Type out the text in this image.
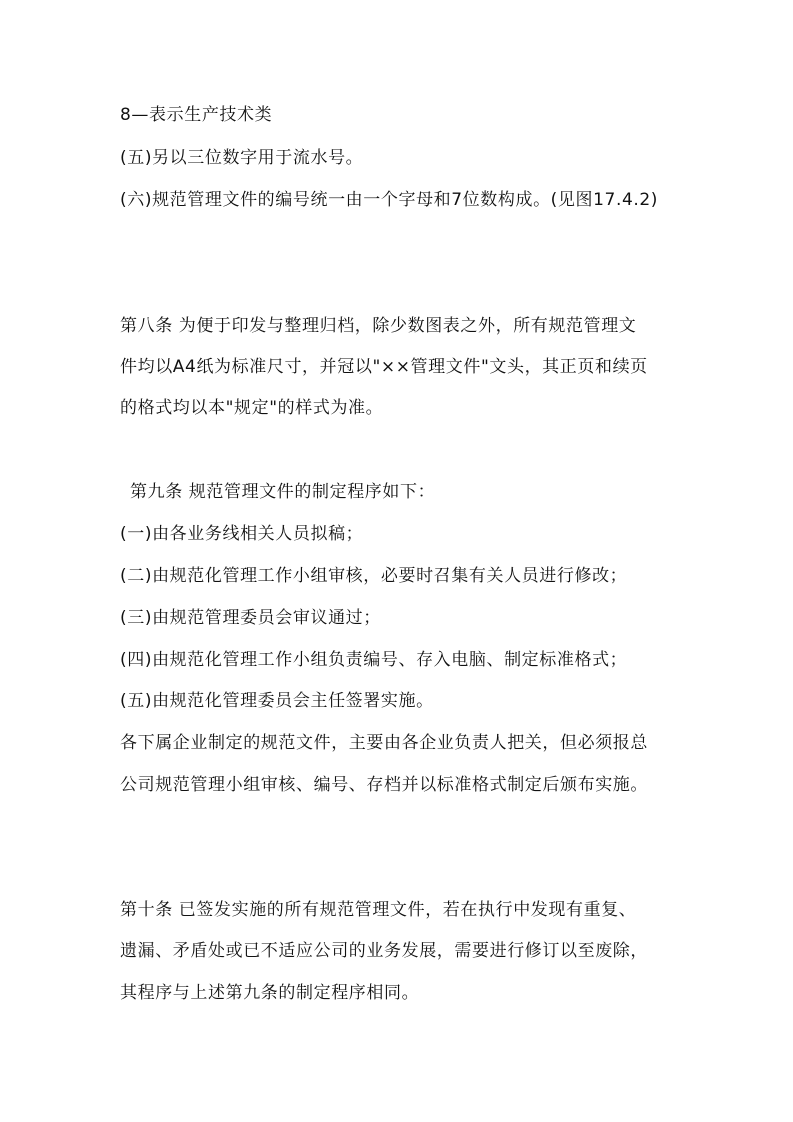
8—表示生产技术类
(五)另以三位数字用于流水号。
(六)规范管理文件的编号统一由一个字母和7位数构成。(见图17.4.2)
第八条 为便于印发与整理归档，除少数图表之外，所有规范管理文
件均以A4纸为标准尺寸，并冠以"××管理文件"文头，其正页和续页
的格式均以本"规定"的样式为准。
第九条 规范管理文件的制定程序如下：
(一)由各业务线相关人员拟稿；
(二)由规范化管理工作小组审核，必要时召集有关人员进行修改；
(三)由规范管理委员会审议通过；
(四)由规范化管理工作小组负责编号、存入电脑、制定标准格式；
(五)由规范化管理委员会主任签署实施。
各下属企业制定的规范文件，主要由各企业负责人把关，但必须报总
公司规范管理小组审核、编号、存档并以标准格式制定后颁布实施。
第十条 已签发实施的所有规范管理文件，若在执行中发现有重复、
遗漏、矛盾处或已不适应公司的业务发展，需要进行修订以至废除，
其程序与上述第九条的制定程序相同。
